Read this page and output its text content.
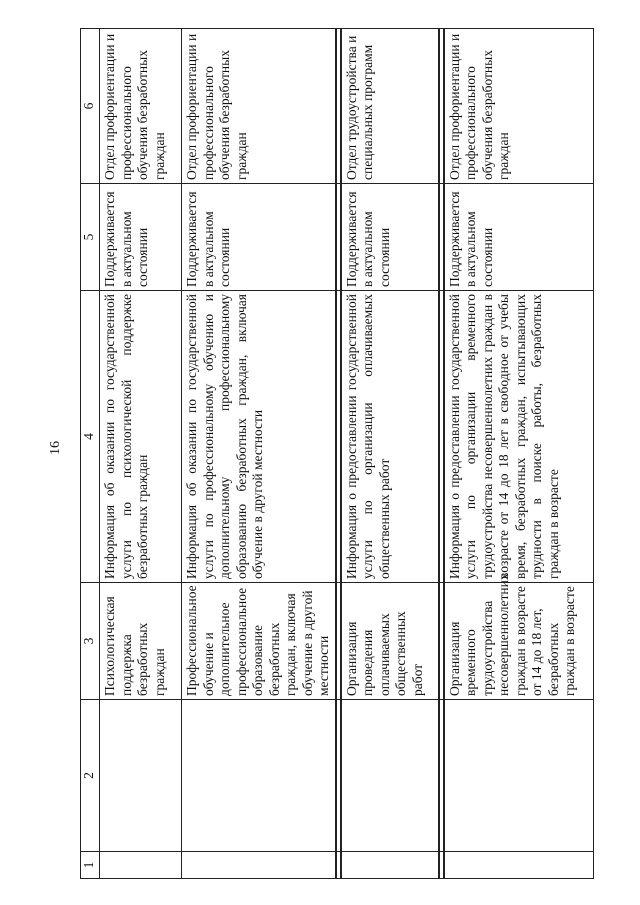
16
1	2	3	4	5	6
		Психологическая поддержка безработных граждан	Информация об оказании по государственной услуги по психологической поддержке безработных граждан	Поддерживается в актуальном состоянии	Отдел профориентации и профессионального обучения безработных граждан
		Профессиональное обучение и дополнительное профессиональное образование безработных граждан, включая обучение в другой местности	Информация об оказании по государственной услуги по профессиональному обучению и дополнительному профессиональному образованию безработных граждан, включая обучение в другой местности	Поддерживается в актуальном состоянии	Отдел профориентации и профессионального обучения безработных граждан

		Организация проведения оплачиваемых общественных работ	Информация о предоставлении государственной услуги по организации оплачиваемых общественных работ	Поддерживается в актуальном состоянии	Отдел трудоустройства и специальных программ

		Организация временного трудоустройства несовершеннолетних граждан в возрасте от 14 до 18 лет, безработных граждан в возрасте	Информация о предоставлении государственной услуги по организации временного трудоустройства несовершеннолетних граждан в возрасте от 14 до 18 лет в свободное от учебы время, безработных граждан, испытывающих трудности в поиске работы, безработных граждан в возрасте	Поддерживается в актуальном состоянии	Отдел профориентации и профессионального обучения безработных граждан
